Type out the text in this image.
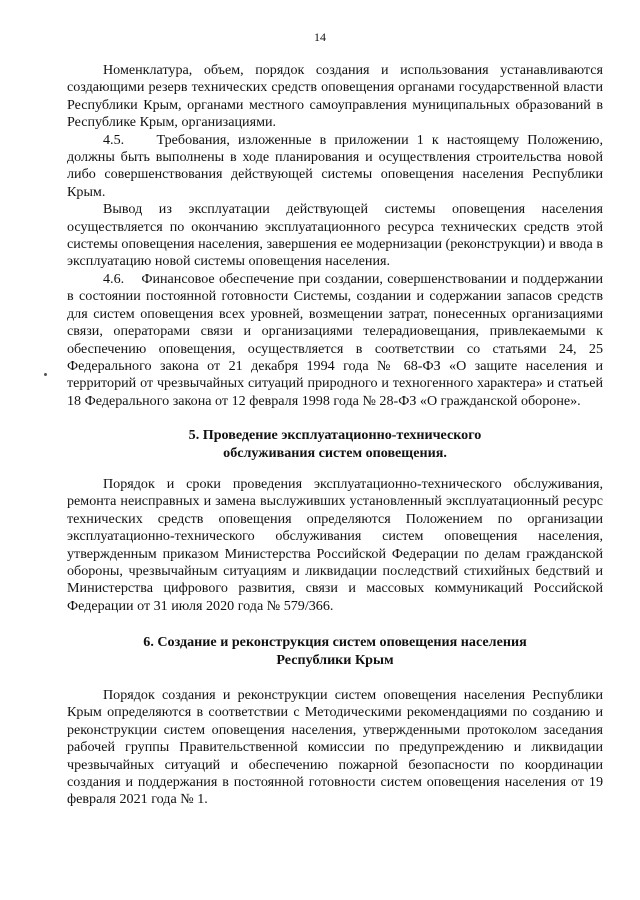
14

Номенклатура, объем, порядок создания и использования устанавливаются создающими резерв технических средств оповещения органами государственной власти Республики Крым, органами местного самоуправления муниципальных образований в Республике Крым, организациями.

4.5.    Требования, изложенные в приложении 1 к настоящему Положению, должны быть выполнены в ходе планирования и осуществления строительства новой либо совершенствования действующей системы оповещения населения Республики Крым.

Вывод из эксплуатации действующей системы оповещения населения осуществляется по окончанию эксплуатационного ресурса технических средств этой системы оповещения населения, завершения ее модернизации (реконструкции) и ввода в эксплуатацию новой системы оповещения населения.

4.6.    Финансовое обеспечение при создании, совершенствовании и поддержании в состоянии постоянной готовности Системы, создании и содержании запасов средств для систем оповещения всех уровней, возмещении затрат, понесенных организациями связи, операторами связи и организациями телерадиовещания, привлекаемыми к обеспечению оповещения, осуществляется в соответствии со статьями 24, 25 Федерального закона от 21 декабря 1994 года № 68-ФЗ «О защите населения и территорий от чрезвычайных ситуаций природного и техногенного характера» и статьей 18 Федерального закона от 12 февраля 1998 года № 28-ФЗ «О гражданской обороне».

5. Проведение эксплуатационно-технического

обслуживания систем оповещения.

Порядок и сроки проведения эксплуатационно-технического обслуживания, ремонта неисправных и замена выслуживших установленный эксплуатационный ресурс технических средств оповещения определяются Положением по организации эксплуатационно-технического обслуживания систем оповещения населения, утвержденным приказом Министерства Российской Федерации по делам гражданской обороны, чрезвычайным ситуациям и ликвидации последствий стихийных бедствий и Министерства цифрового развития, связи и массовых коммуникаций Российской Федерации от 31 июля 2020 года № 579/366.

6. Создание и реконструкция систем оповещения населения

Республики Крым

Порядок создания и реконструкции систем оповещения населения Республики Крым определяются в соответствии с Методическими рекомендациями по созданию и реконструкции систем оповещения населения, утвержденными протоколом заседания рабочей группы Правительственной комиссии по предупреждению и ликвидации чрезвычайных ситуаций и обеспечению пожарной безопасности по координации создания и поддержания в постоянной готовности систем оповещения населения от 19 февраля 2021 года № 1.
